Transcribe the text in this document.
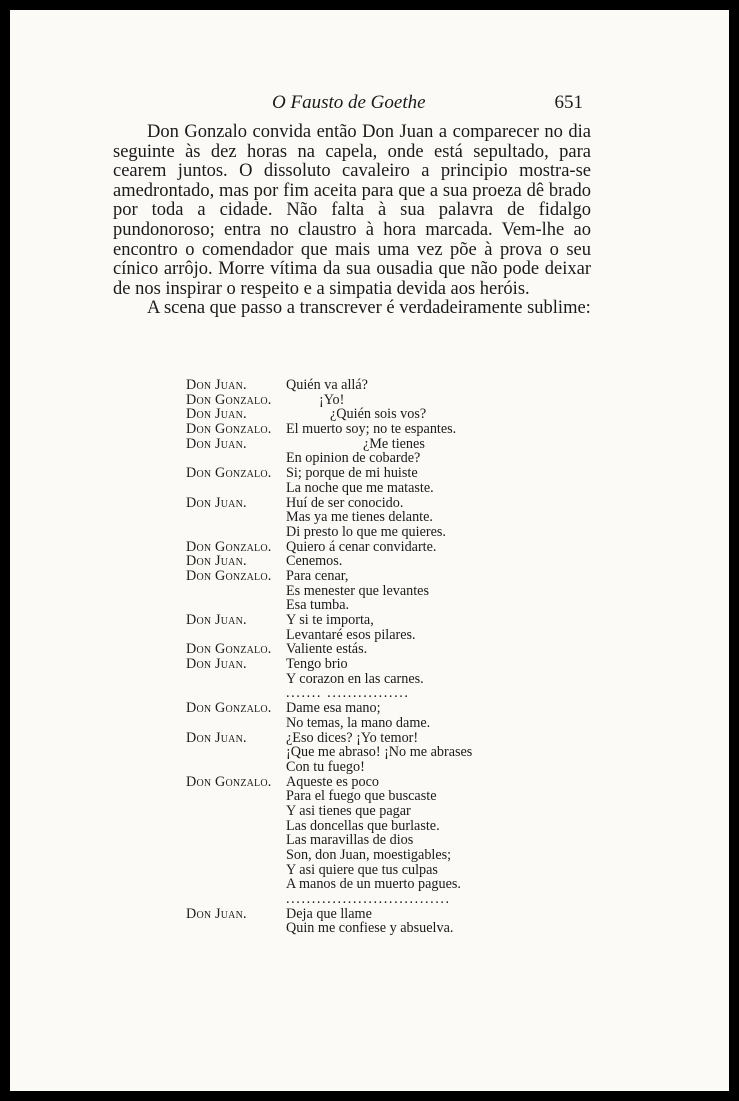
O Fausto de Goethe	651

Don Gonzalo convida então Don Juan a comparecer no dia seguinte às dez horas na capela, onde está sepultado, para cearem juntos. O dissoluto cavaleiro a principio mostra-se amedrontado, mas por fim aceita para que a sua proeza dê brado por toda a cidade. Não falta à sua palavra de fidalgo pundonoroso; entra no claustro à hora marcada. Vem-lhe ao encontro o comendador que mais uma vez põe à prova o seu cínico arrôjo. Morre vítima da sua ousadia que não pode deixar de nos inspirar o respeito e a simpatia devida aos heróis.

A scena que passo a transcrever é verdadeiramente sublime:

Don Juan.	Quién va allá?
Don Gonzalo.	¡Yo!
Don Juan.	¿Quién sois vos?
Don Gonzalo. El muerto soy; no te espantes.
Don Juan.	¿Me tienes
En opinion de cobarde?
Don Gonzalo. Si; porque de mi huiste
La noche que me mataste.
Don Juan.	Huí de ser conocido.
Mas ya me tienes delante.
Di presto lo que me quieres.
Don Gonzalo. Quiero á cenar convidarte.
Don Juan.	Cenemos.
Don Gonzalo. Para cenar,
Es menester que levantes
Esa tumba.
Don Juan.	Y si te importa,
Levantaré esos pilares.
Don Gonzalo. Valiente estás.
Don Juan.	Tengo brio
Y corazon en las carnes.
....... ................
Don Gonzalo. Dame esa mano;
No temas, la mano dame.
Don Juan.	¿Eso dices? ¡Yo temor!
¡Que me abraso! ¡No me abrases
Con tu fuego!
Don Gonzalo. Aqueste es poco
Para el fuego que buscaste
Y asi tienes que pagar
Las doncellas que burlaste.
Las maravillas de dios
Son, don Juan, moestigables;
Y asi quiere que tus culpas
A manos de un muerto pagues.
................................
Don Juan.	Deja que llame
Quin me confiese y absuelva.
